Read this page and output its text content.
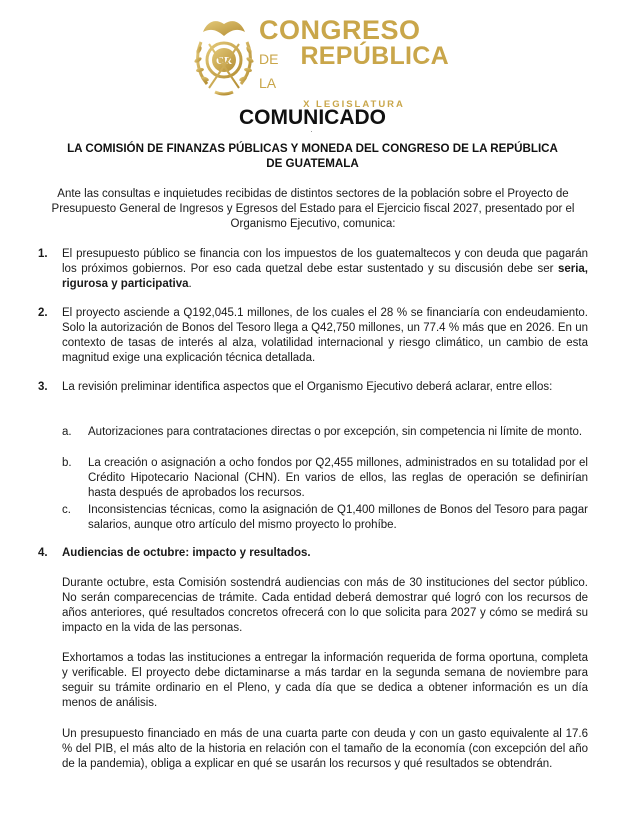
CR
CONGRESO
DE LA
REPÚBLICA
X LEGISLATURA
COMUNICADO
LA COMISIÓN DE FINANZAS PÚBLICAS Y MONEDA DEL CONGRESO DE LA REPÚBLICA DE GUATEMALA
Ante las consultas e inquietudes recibidas de distintos sectores de la población sobre el Proyecto de Presupuesto General de Ingresos y Egresos del Estado para el Ejercicio fiscal 2027, presentado por el Organismo Ejecutivo, comunica:
1. El presupuesto público se financia con los impuestos de los guatemaltecos y con deuda que pagarán los próximos gobiernos. Por eso cada quetzal debe estar sustentado y su discusión debe ser seria, rigurosa y participativa.
2. El proyecto asciende a Q192,045.1 millones, de los cuales el 28 % se financiaría con endeudamiento. Solo la autorización de Bonos del Tesoro llega a Q42,750 millones, un 77.4 % más que en 2026. En un contexto de tasas de interés al alza, volatilidad internacional y riesgo climático, un cambio de esta magnitud exige una explicación técnica detallada.
3. La revisión preliminar identifica aspectos que el Organismo Ejecutivo deberá aclarar, entre ellos:
a. Autorizaciones para contrataciones directas o por excepción, sin competencia ni límite de monto.
b. La creación o asignación a ocho fondos por Q2,455 millones, administrados en su totalidad por el Crédito Hipotecario Nacional (CHN). En varios de ellos, las reglas de operación se definirían hasta después de aprobados los recursos.
c. Inconsistencias técnicas, como la asignación de Q1,400 millones de Bonos del Tesoro para pagar salarios, aunque otro artículo del mismo proyecto lo prohíbe.
4. Audiencias de octubre: impacto y resultados.
Durante octubre, esta Comisión sostendrá audiencias con más de 30 instituciones del sector público. No serán comparecencias de trámite. Cada entidad deberá demostrar qué logró con los recursos de años anteriores, qué resultados concretos ofrecerá con lo que solicita para 2027 y cómo se medirá su impacto en la vida de las personas.
Exhortamos a todas las instituciones a entregar la información requerida de forma oportuna, completa y verificable. El proyecto debe dictaminarse a más tardar en la segunda semana de noviembre para seguir su trámite ordinario en el Pleno, y cada día que se dedica a obtener información es un día menos de análisis.
Un presupuesto financiado en más de una cuarta parte con deuda y con un gasto equivalente al 17.6 % del PIB, el más alto de la historia en relación con el tamaño de la economía (con excepción del año de la pandemia), obliga a explicar en qué se usarán los recursos y qué resultados se obtendrán.
